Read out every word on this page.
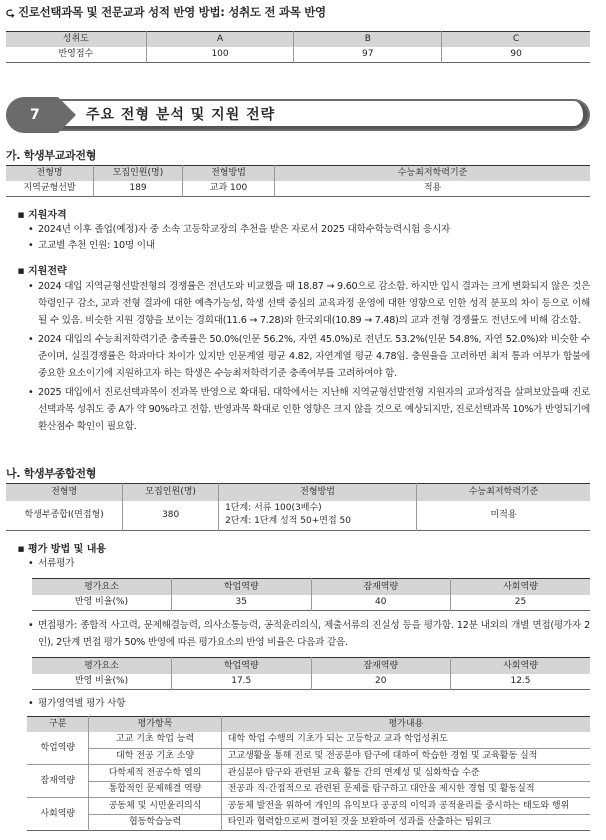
⮎ 진로선택과목 및 전문교과 성적 반영 방법: 성취도 전 과목 반영
성취도	A	B	C
반영점수	100	97	90
7	주요 전형 분석 및 지원 전략
가. 학생부교과전형
전형명	모집인원(명)	전형방법	수능최저학력기준
지역균형선발	189	교과 100	적용
■ 지원자격
• 2024년 이후 졸업(예정)자 중 소속 고등학교장의 추천을 받은 자로서 2025 대학수학능력시험 응시자
• 고교별 추천 인원: 10명 이내
■ 지원전략
• 2024 대입 지역균형선발전형의 경쟁률은 전년도와 비교했을 때 18.87 → 9.60으로 감소함. 하지만 입시 결과는 크게 변화되지 않은 것은 학령인구 감소, 교과 전형 결과에 대한 예측가능성, 학생 선택 중심의 교육과정 운영에 대한 영향으로 인한 성적 분포의 차이 등으로 이해될 수 있음. 비슷한 지원 경향을 보이는 경희대(11.6 → 7.28)와 한국외대(10.89 → 7.48)의 교과 전형 경쟁률도 전년도에 비해 감소함.
• 2024 대입의 수능최저학력기준 충족률은 50.0%(인문 56.2%, 자연 45.0%)로 전년도 53.2%(인문 54.8%, 자연 52.0%)와 비슷한 수준이며, 실질경쟁률은 학과마다 차이가 있지만 인문계열 평균 4.82, 자연계열 평균 4.78임. 충원율을 고려하면 최저 통과 여부가 합불에 중요한 요소이기에 지원하고자 하는 학생은 수능최저학력기준 충족여부를 고려하여야 함.
• 2025 대입에서 진로선택과목이 전과목 반영으로 확대됨. 대학에서는 지난해 지역균형선발전형 지원자의 교과성적을 살펴보았을때 진로선택과목 성취도 중 A가 약 90%라고 전함. 반영과목 확대로 인한 영향은 크지 않을 것으로 예상되지만, 진로선택과목 10%가 반영되기에 환산점수 확인이 필요함.
나. 학생부종합전형
전형명	모집인원(명)	전형방법	수능최저학력기준
학생부종합Ⅰ(면접형)	380	1단계: 서류 100(3배수)
2단계: 1단계 성적 50+면접 50	미적용
■ 평가 방법 및 내용
• 서류평가
평가요소	학업역량	잠재역량	사회역량
반영 비율(%)	35	40	25
• 면접평가: 종합적 사고력, 문제해결능력, 의사소통능력, 공적윤리의식, 제출서류의 진실성 등을 평가함. 12분 내외의 개별 면접(평가자 2인), 2단계 면접 평가 50% 반영에 따른 평가요소의 반영 비율은 다음과 같음.
평가요소	학업역량	잠재역량	사회역량
반영 비율(%)	17.5	20	12.5
• 평가영역별 평가 사항
구분	평가항목	평가내용
학업역량	고교 기초 학업 능력	대학 학업 수행의 기초가 되는 고등학교 교과 학업성취도
	대학 전공 기초 소양	고교생활을 통해 진로 및 전공분야 탐구에 대하여 학습한 경험 및 교육활동 실적
잠재역량	다학제적 전공수학 열의	관심분야 탐구와 관련된 교육 활동 간의 연계성 및 심화학습 수준
	통합적인 문제해결 역량	전공과 직·간접적으로 관련된 문제를 탐구하고 대안을 제시한 경험 및 활동실적
사회역량	공동체 및 시민윤리의식	공동체 발전을 위하여 개인의 유익보다 공공의 이익과 공적윤리를 중시하는 태도와 행위
	협동학습능력	타인과 협력함으로써 결여된 것을 보완하여 성과를 산출하는 팀워크
